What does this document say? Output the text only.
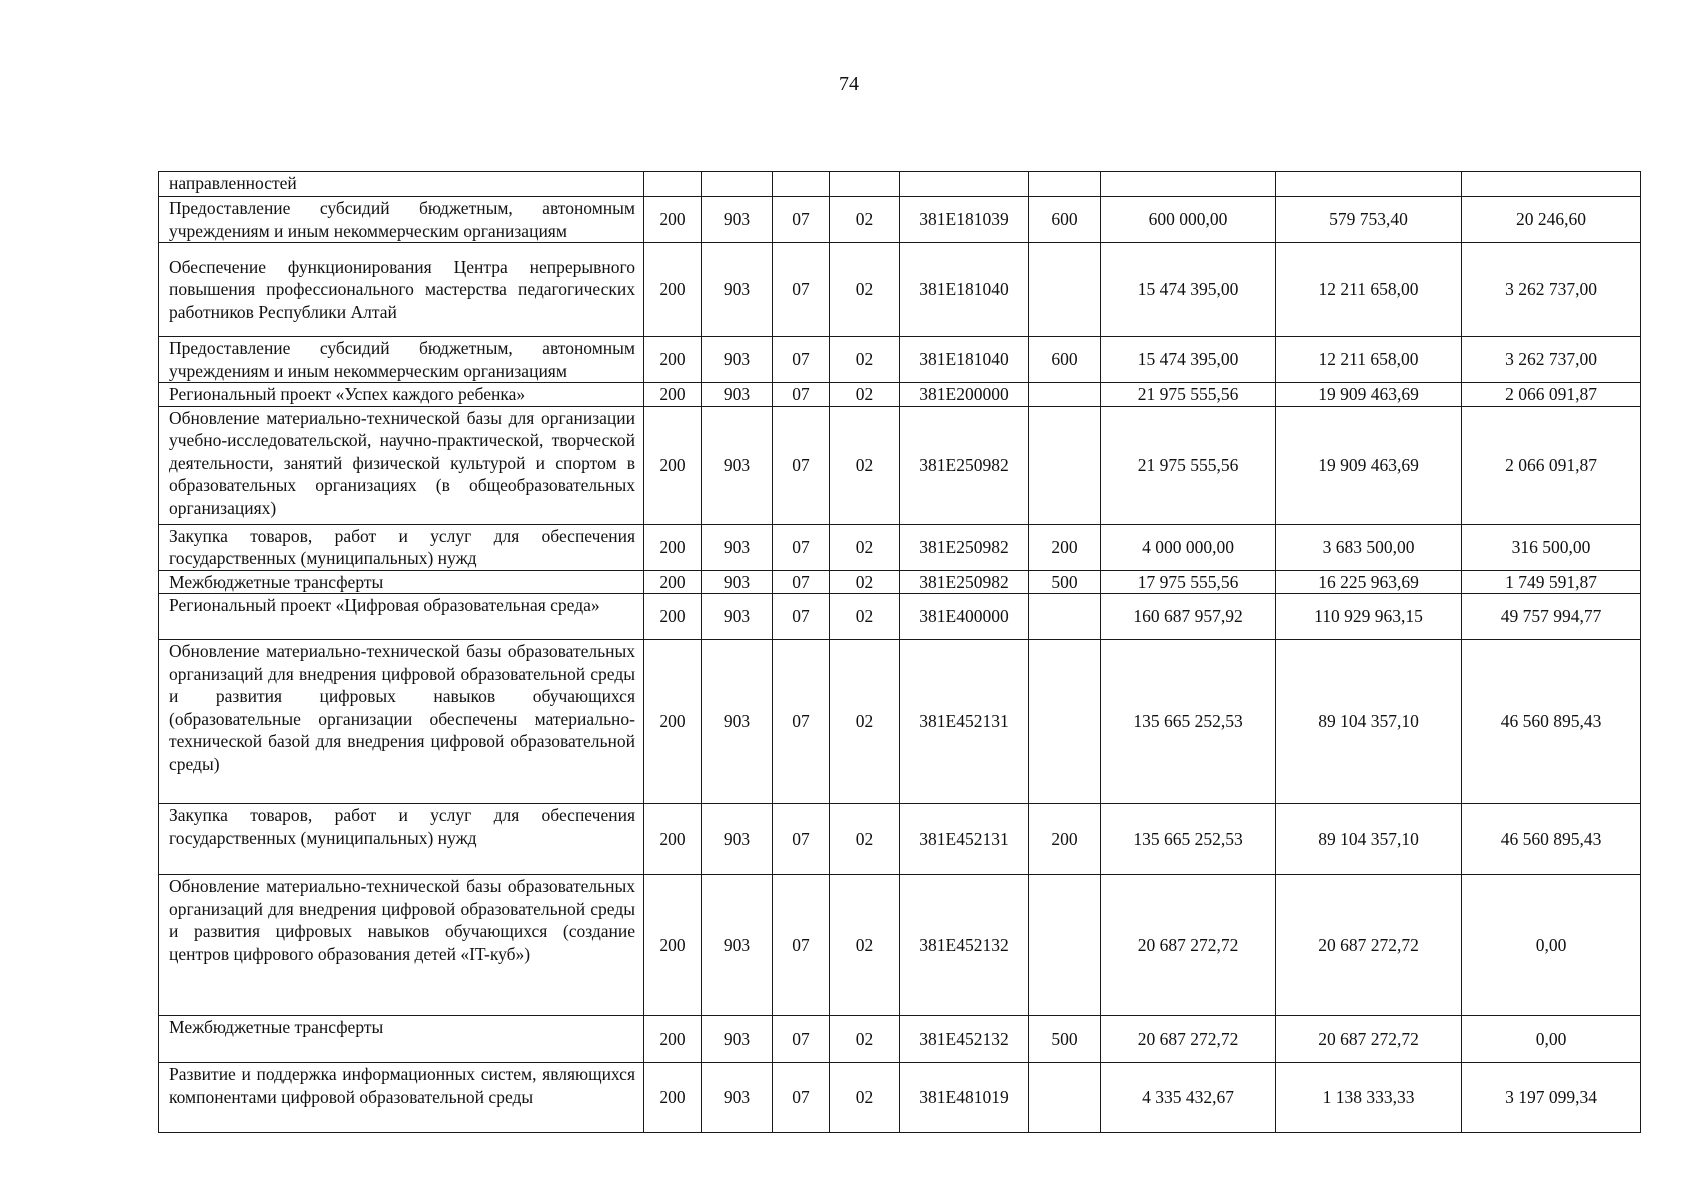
74
направленностей									
Предоставление субсидий бюджетным, автономным учреждениям и иным некоммерческим организациям	200	903	07	02	381E181039	600	600 000,00	579 753,40	20 246,60
Обеспечение функционирования Центра непрерывного повышения профессионального мастерства педагогических работников Республики Алтай	200	903	07	02	381E181040		15 474 395,00	12 211 658,00	3 262 737,00
Предоставление субсидий бюджетным, автономным учреждениям и иным некоммерческим организациям	200	903	07	02	381E181040	600	15 474 395,00	12 211 658,00	3 262 737,00
Региональный проект «Успех каждого ребенка»	200	903	07	02	381E200000		21 975 555,56	19 909 463,69	2 066 091,87
Обновление материально-технической базы для организации учебно-исследовательской, научно-практической, творческой деятельности, занятий физической культурой и спортом в образовательных организациях (в общеобразовательных организациях)	200	903	07	02	381E250982		21 975 555,56	19 909 463,69	2 066 091,87
Закупка товаров, работ и услуг для обеспечения государственных (муниципальных) нужд	200	903	07	02	381E250982	200	4 000 000,00	3 683 500,00	316 500,00
Межбюджетные трансферты	200	903	07	02	381E250982	500	17 975 555,56	16 225 963,69	1 749 591,87
Региональный проект «Цифровая образовательная среда»	200	903	07	02	381E400000		160 687 957,92	110 929 963,15	49 757 994,77
Обновление материально-технической базы образовательных организаций для внедрения цифровой образовательной среды и развития цифровых навыков обучающихся (образовательные организации обеспечены материально-технической базой для внедрения цифровой образовательной среды)	200	903	07	02	381E452131		135 665 252,53	89 104 357,10	46 560 895,43
Закупка товаров, работ и услуг для обеспечения государственных (муниципальных) нужд	200	903	07	02	381E452131	200	135 665 252,53	89 104 357,10	46 560 895,43
Обновление материально-технической базы образовательных организаций для внедрения цифровой образовательной среды и развития цифровых навыков обучающихся (создание центров цифрового образования детей «IT-куб»)	200	903	07	02	381E452132		20 687 272,72	20 687 272,72	0,00
Межбюджетные трансферты	200	903	07	02	381E452132	500	20 687 272,72	20 687 272,72	0,00
Развитие и поддержка информационных систем, являющихся компонентами цифровой образовательной среды	200	903	07	02	381E481019		4 335 432,67	1 138 333,33	3 197 099,34
